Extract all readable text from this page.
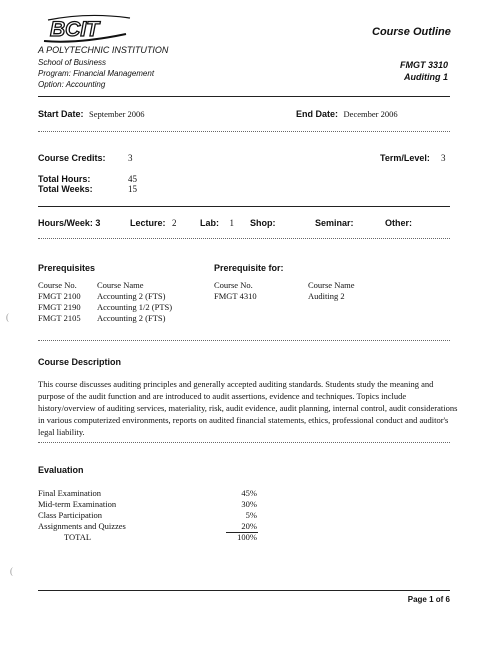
BCIT	Course Outline
A POLYTECHNIC INSTITUTION
School of Business
Program: Financial Management
Option: Accounting
FMGT 3310
Auditing 1
Start Date: September 2006	End Date: December 2006
Course Credits: 3	Term/Level: 3
Total Hours:	45
Total Weeks:	15
Hours/Week: 3	Lecture: 2	Lab: 1 Shop:	Seminar:	Other:
Prerequisites
Course No. Course Name
FMGT 2100 Accounting 2 (FTS)
FMGT 2190 Accounting 1/2 (PTS)
FMGT 2105 Accounting 2 (FTS)
Prerequisite for:
Course No.	Course Name
FMGT 4310	Auditing 2
Course Description
This course discusses auditing principles and generally accepted auditing standards. Students study the meaning and purpose of the audit function and are introduced to audit assertions, evidence and techniques. Topics include history/overview of auditing services, materiality, risk, audit evidence, audit planning, internal control, audit considerations in various computerized environments, reports on audited financial statements, ethics, professional conduct and auditor's legal liability.
Evaluation
Final Examination	45%
Mid-term Examination	30%
Class Participation	5%
Assignments and Quizzes	20%
TOTAL	100%
Page 1 of 6
(
(
